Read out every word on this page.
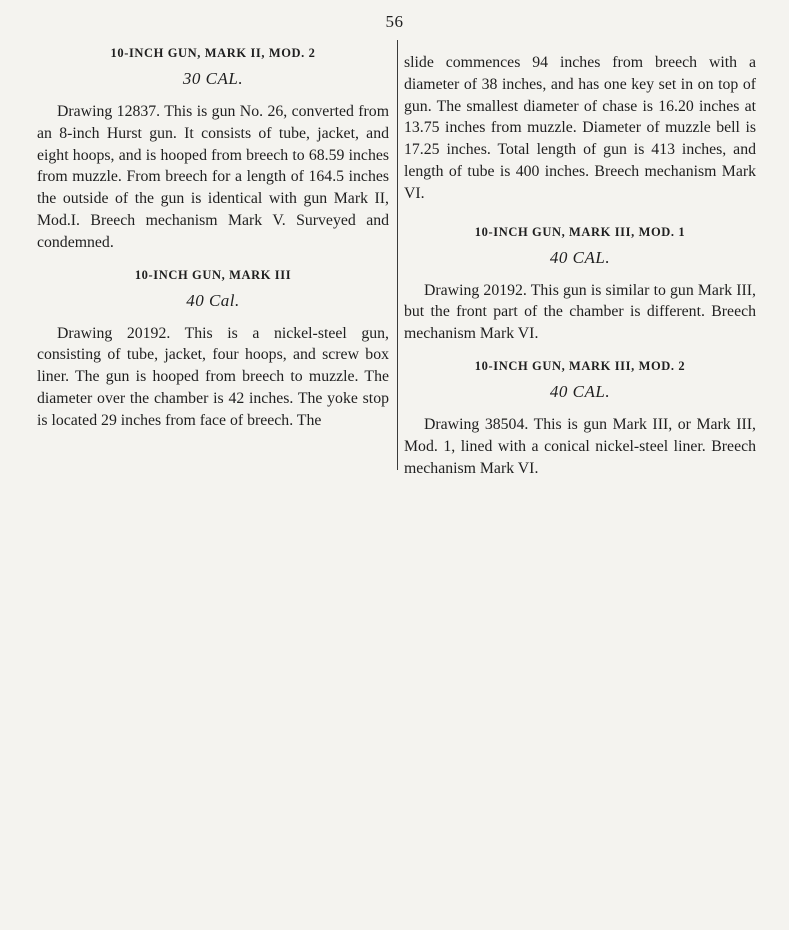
56
10-INCH GUN, MARK II, MOD. 2
30 CAL.

Drawing 12837. This is gun No. 26, converted from an 8-inch Hurst gun. It consists of tube, jacket, and eight hoops, and is hooped from breech to 68.59 inches from muzzle. From breech for a length of 164.5 inches the outside of the gun is identical with gun Mark II, Mod.I. Breech mechanism Mark V. Surveyed and condemned.

10-INCH GUN, MARK III
40 Cal.

Drawing 20192. This is a nickel-steel gun, consisting of tube, jacket, four hoops, and screw box liner. The gun is hooped from breech to muzzle. The diameter over the chamber is 42 inches. The yoke stop is located 29 inches from face of breech. The

slide commences 94 inches from breech with a diameter of 38 inches, and has one key set in on top of gun. The smallest diameter of chase is 16.20 inches at 13.75 inches from muzzle. Diameter of muzzle bell is 17.25 inches. Total length of gun is 413 inches, and length of tube is 400 inches. Breech mechanism Mark VI.

10-INCH GUN, MARK III, MOD. 1
40 CAL.

Drawing 20192. This gun is similar to gun Mark III, but the front part of the chamber is different. Breech mechanism Mark VI.

10-INCH GUN, MARK III, MOD. 2
40 CAL.

Drawing 38504. This is gun Mark III, or Mark III, Mod. 1, lined with a conical nickel-steel liner. Breech mechanism Mark VI.
